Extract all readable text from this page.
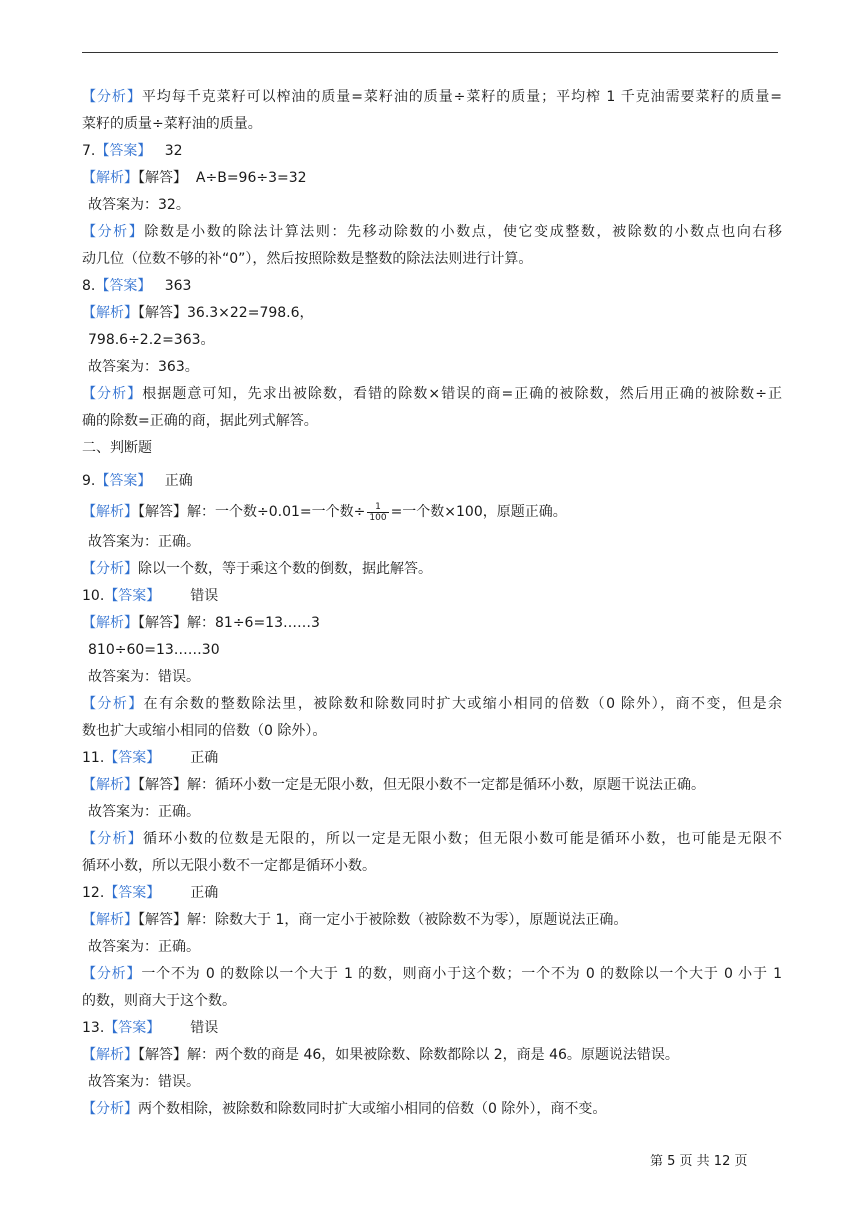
【分析】平均每千克菜籽可以榨油的质量=菜籽油的质量÷菜籽的质量；平均榨 1 千克油需要菜籽的质量=
菜籽的质量÷菜籽油的质量。
7.【答案】 32
【解析】【解答】 A÷B=96÷3=32
故答案为：32。
【分析】除数是小数的除法计算法则：先移动除数的小数点，使它变成整数，被除数的小数点也向右移
动几位（位数不够的补“0”），然后按照除数是整数的除法法则进行计算。
8.【答案】 363
【解析】【解答】36.3×22=798.6，
798.6÷2.2=363。
故答案为：363。
【分析】根据题意可知，先求出被除数，看错的除数×错误的商=正确的被除数，然后用正确的被除数÷正
确的除数=正确的商，据此列式解答。
二、判断题
9.【答案】 正确
【解析】【解答】解：一个数÷0.01=一个数÷ $\frac{1}{100}$ =一个数×100，原题正确。
故答案为：正确。
【分析】除以一个数，等于乘这个数的倒数，据此解答。
10.【答案】 错误
【解析】【解答】解：81÷6=13……3
810÷60=13……30
故答案为：错误。
【分析】在有余数的整数除法里，被除数和除数同时扩大或缩小相同的倍数（0 除外），商不变，但是余
数也扩大或缩小相同的倍数（0 除外）。
11.【答案】 正确
【解析】【解答】解：循环小数一定是无限小数，但无限小数不一定都是循环小数，原题干说法正确。
故答案为：正确。
【分析】循环小数的位数是无限的，所以一定是无限小数；但无限小数可能是循环小数，也可能是无限不
循环小数，所以无限小数不一定都是循环小数。
12.【答案】 正确
【解析】【解答】解：除数大于 1，商一定小于被除数（被除数不为零），原题说法正确。
故答案为：正确。
【分析】一个不为 0 的数除以一个大于 1 的数，则商小于这个数；一个不为 0 的数除以一个大于 0 小于 1
的数，则商大于这个数。
13.【答案】 错误
【解析】【解答】解：两个数的商是 46，如果被除数、除数都除以 2，商是 46。原题说法错误。
故答案为：错误。
【分析】两个数相除，被除数和除数同时扩大或缩小相同的倍数（0 除外），商不变。
第 5 页 共 12 页
